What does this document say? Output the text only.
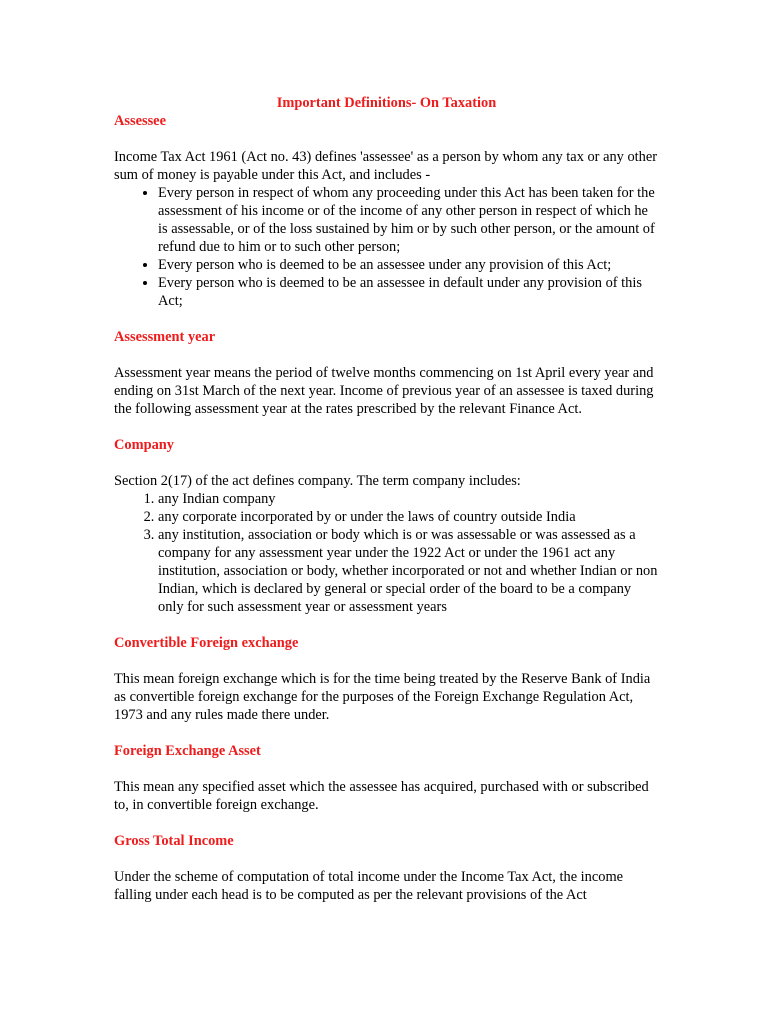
Important Definitions- On Taxation

Assessee

Income Tax Act 1961 (Act no. 43) defines 'assessee' as a person by whom any tax or any other sum of money is payable under this Act, and includes -

• Every person in respect of whom any proceeding under this Act has been taken for the assessment of his income or of the income of any other person in respect of which he is assessable, or of the loss sustained by him or by such other person, or the amount of refund due to him or to such other person;
• Every person who is deemed to be an assessee under any provision of this Act;
• Every person who is deemed to be an assessee in default under any provision of this Act;

Assessment year

Assessment year means the period of twelve months commencing on 1st April every year and ending on 31st March of the next year. Income of previous year of an assessee is taxed during the following assessment year at the rates prescribed by the relevant Finance Act.

Company

Section 2(17) of the act defines company. The term company includes:

1. any Indian company
2. any corporate incorporated by or under the laws of country outside India
3. any institution, association or body which is or was assessable or was assessed as a company for any assessment year under the 1922 Act or under the 1961 act any institution, association or body, whether incorporated or not and whether Indian or non Indian, which is declared by general or special order of the board to be a company only for such assessment year or assessment years

Convertible Foreign exchange

This mean foreign exchange which is for the time being treated by the Reserve Bank of India as convertible foreign exchange for the purposes of the Foreign Exchange Regulation Act, 1973 and any rules made there under.

Foreign Exchange Asset

This mean any specified asset which the assessee has acquired, purchased with or subscribed to, in convertible foreign exchange.

Gross Total Income

Under the scheme of computation of total income under the Income Tax Act, the income falling under each head is to be computed as per the relevant provisions of the Act
